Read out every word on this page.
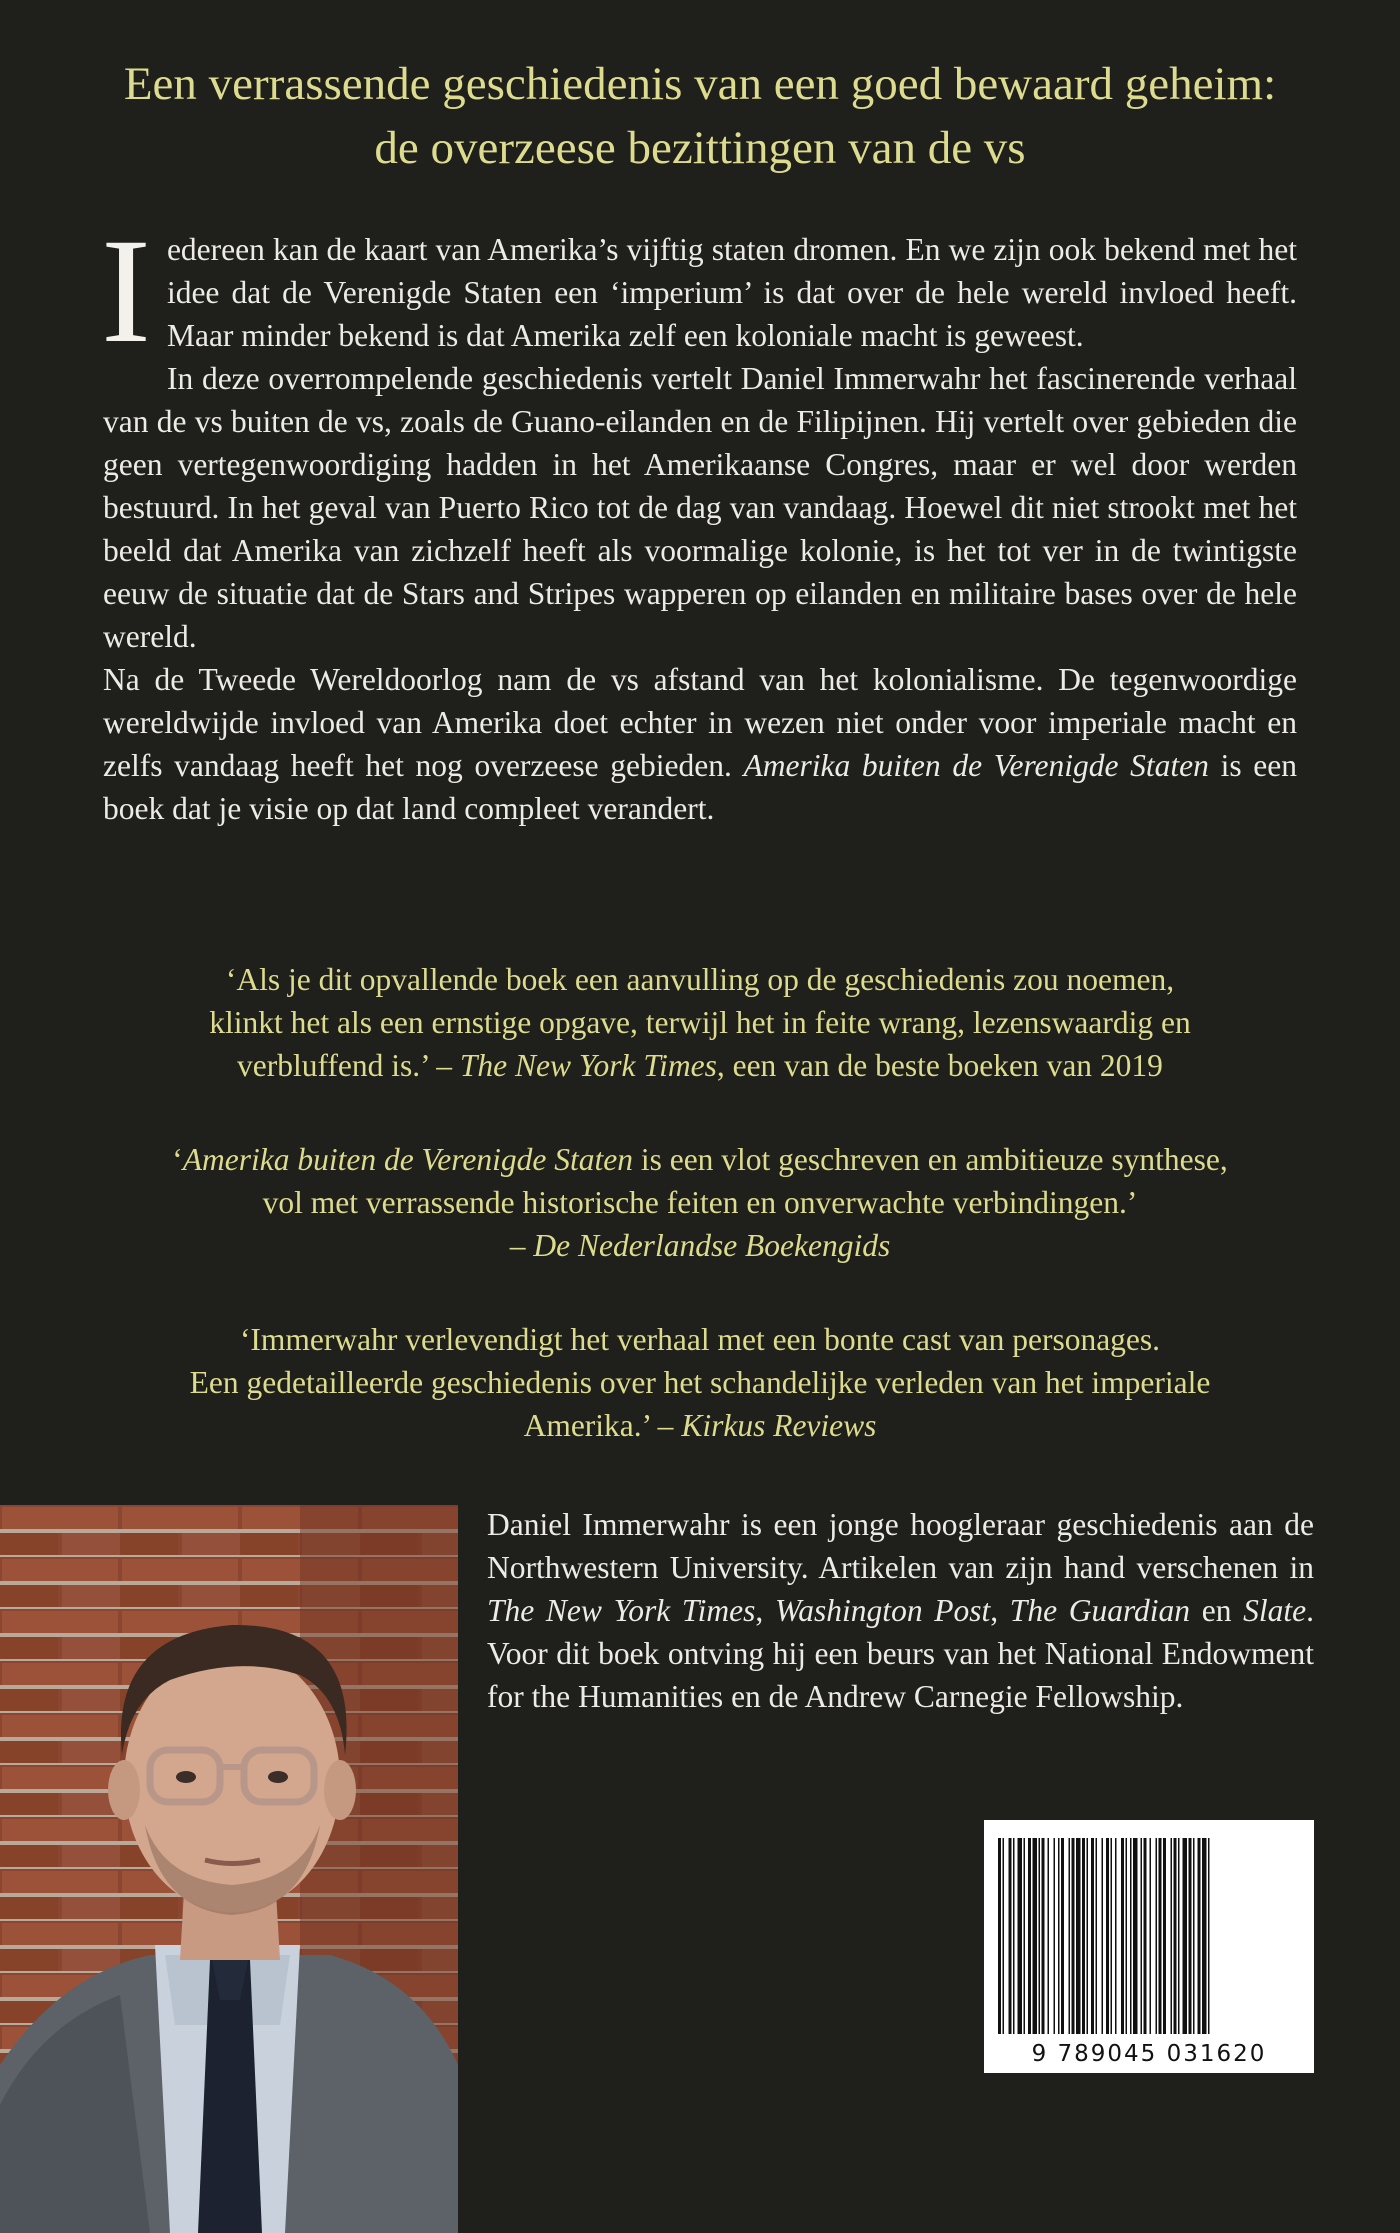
Een verrassende geschiedenis van een goed bewaard geheim:
de overzeese bezittingen van de vs

Iedereen kan de kaart van Amerika’s vijftig staten dromen. En we zijn ook bekend met het idee dat de Verenigde Staten een ‘imperium’ is dat over de hele wereld invloed heeft. Maar minder bekend is dat Amerika zelf een koloniale macht is geweest.

In deze overrompelende geschiedenis vertelt Daniel Immerwahr het fascinerende verhaal van de vs buiten de vs, zoals de Guano-eilanden en de Filipijnen. Hij vertelt over gebieden die geen vertegenwoordiging hadden in het Amerikaanse Congres, maar er wel door werden bestuurd. In het geval van Puerto Rico tot de dag van vandaag. Hoewel dit niet strookt met het beeld dat Amerika van zichzelf heeft als voormalige kolonie, is het tot ver in de twintigste eeuw de situatie dat de Stars and Stripes wapperen op eilanden en militaire bases over de hele wereld.

Na de Tweede Wereldoorlog nam de vs afstand van het kolonialisme. De tegenwoordige wereldwijde invloed van Amerika doet echter in wezen niet onder voor imperiale macht en zelfs vandaag heeft het nog overzeese gebieden. Amerika buiten de Verenigde Staten is een boek dat je visie op dat land compleet verandert.

‘Als je dit opvallende boek een aanvulling op de geschiedenis zou noemen,
klinkt het als een ernstige opgave, terwijl het in feite wrang, lezenswaardig en
verbluffend is.’ – The New York Times, een van de beste boeken van 2019
‘Amerika buiten de Verenigde Staten is een vlot geschreven en ambitieuze synthese,
vol met verrassende historische feiten en onverwachte verbindingen.’
– De Nederlandse Boekengids
‘Immerwahr verlevendigt het verhaal met een bonte cast van personages.
Een gedetailleerde geschiedenis over het schandelijke verleden van het imperiale
Amerika.’ – Kirkus Reviews
Daniel Immerwahr is een jonge hoogleraar geschiedenis aan de Northwestern University. Artikelen van zijn hand verschenen in The New York Times, Washington Post, The Guardian en Slate. Voor dit boek ontving hij een beurs van het National Endowment for the Humanities en de Andrew Carnegie Fellowship.
9 789045 031620
